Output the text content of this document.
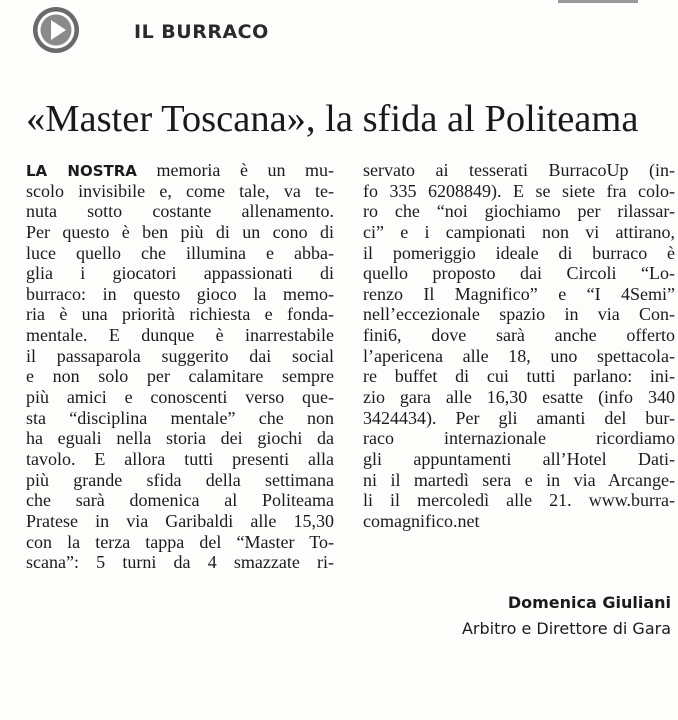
IL BURRACO
«Master Toscana», la sfida al Politeama
LA NOSTRA memoria è un mu-
scolo invisibile e, come tale, va te-
nuta sotto costante allenamento.
Per questo è ben più di un cono di
luce quello che illumina e abba-
glia i giocatori appassionati di
burraco: in questo gioco la memo-
ria è una priorità richiesta e fonda-
mentale. E dunque è inarrestabile
il passaparola suggerito dai social
e non solo per calamitare sempre
più amici e conoscenti verso que-
sta “disciplina mentale” che non
ha eguali nella storia dei giochi da
tavolo. E allora tutti presenti alla
più grande sfida della settimana
che sarà domenica al Politeama
Pratese in via Garibaldi alle 15,30
con la terza tappa del “Master To-
scana”: 5 turni da 4 smazzate ri-
servato ai tesserati BurracoUp (in-
fo 335 6208849). E se siete fra colo-
ro che “noi giochiamo per rilassar-
ci” e i campionati non vi attirano,
il pomeriggio ideale di burraco è
quello proposto dai Circoli “Lo-
renzo Il Magnifico” e “I 4Semi”
nell’eccezionale spazio in via Con-
fini6, dove sarà anche offerto
l’apericena alle 18, uno spettacola-
re buffet di cui tutti parlano: ini-
zio gara alle 16,30 esatte (info 340
3424434). Per gli amanti del bur-
raco internazionale ricordiamo
gli appuntamenti all’Hotel Dati-
ni il martedì sera e in via Arcange-
li il mercoledì alle 21. www.burra-
comagnifico.net
Domenica Giuliani
Arbitro e Direttore di Gara
